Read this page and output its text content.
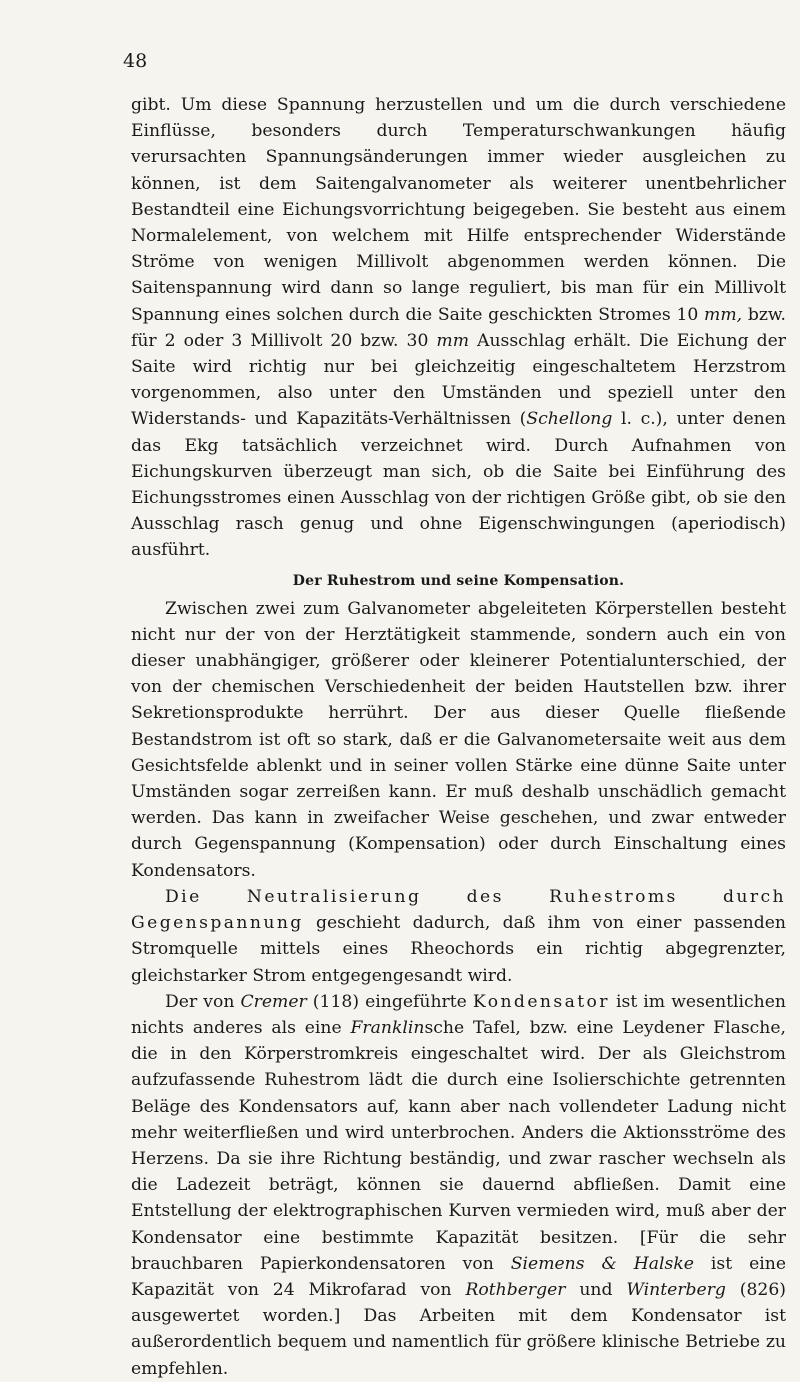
48

gibt. Um diese Spannung herzustellen und um die durch verschiedene Einflüsse, besonders durch Temperaturschwankungen häufig verursachten Spannungsänderungen immer wieder ausgleichen zu können, ist dem Saitengalvanometer als weiterer unentbehrlicher Bestandteil eine Eichungsvorrichtung beigegeben. Sie besteht aus einem Normalelement, von welchem mit Hilfe entsprechender Widerstände Ströme von wenigen Millivolt abgenommen werden können. Die Saitenspannung wird dann so lange reguliert, bis man für ein Millivolt Spannung eines solchen durch die Saite geschickten Stromes 10 mm, bzw. für 2 oder 3 Millivolt 20 bzw. 30 mm Ausschlag erhält. Die Eichung der Saite wird richtig nur bei gleichzeitig eingeschaltetem Herzstrom vorgenommen, also unter den Umständen und speziell unter den Widerstands- und Kapazitäts-Verhältnissen (Schellong l. c.), unter denen das Ekg tatsächlich verzeichnet wird. Durch Aufnahmen von Eichungskurven überzeugt man sich, ob die Saite bei Einführung des Eichungsstromes einen Ausschlag von der richtigen Größe gibt, ob sie den Ausschlag rasch genug und ohne Eigenschwingungen (aperiodisch) ausführt.

Der Ruhestrom und seine Kompensation.

Zwischen zwei zum Galvanometer abgeleiteten Körperstellen besteht nicht nur der von der Herztätigkeit stammende, sondern auch ein von dieser unabhängiger, größerer oder kleinerer Potentialunterschied, der von der chemischen Verschiedenheit der beiden Hautstellen bzw. ihrer Sekretionsprodukte herrührt. Der aus dieser Quelle fließende Bestandstrom ist oft so stark, daß er die Galvanometersaite weit aus dem Gesichtsfelde ablenkt und in seiner vollen Stärke eine dünne Saite unter Umständen sogar zerreißen kann. Er muß deshalb unschädlich gemacht werden. Das kann in zweifacher Weise geschehen, und zwar entweder durch Gegenspannung (Kompensation) oder durch Einschaltung eines Kondensators.

Die Neutralisierung des Ruhestroms durch Gegenspannung geschieht dadurch, daß ihm von einer passenden Stromquelle mittels eines Rheochords ein richtig abgegrenzter, gleichstarker Strom entgegengesandt wird.

Der von Cremer (118) eingeführte Kondensator ist im wesentlichen nichts anderes als eine Franklinsche Tafel, bzw. eine Leydener Flasche, die in den Körperstromkreis eingeschaltet wird. Der als Gleichstrom aufzufassende Ruhestrom lädt die durch eine Isolierschichte getrennten Beläge des Kondensators auf, kann aber nach vollendeter Ladung nicht mehr weiterfließen und wird unterbrochen. Anders die Aktionsströme des Herzens. Da sie ihre Richtung beständig, und zwar rascher wechseln als die Ladezeit beträgt, können sie dauernd abfließen. Damit eine Entstellung der elektrographischen Kurven vermieden wird, muß aber der Kondensator eine bestimmte Kapazität besitzen. [Für die sehr brauchbaren Papierkondensatoren von Siemens & Halske ist eine Kapazität von 24 Mikrofarad von Rothberger und Winterberg (826) ausgewertet worden.] Das Arbeiten mit dem Kondensator ist außerordentlich bequem und namentlich für größere klinische Betriebe zu empfehlen.
